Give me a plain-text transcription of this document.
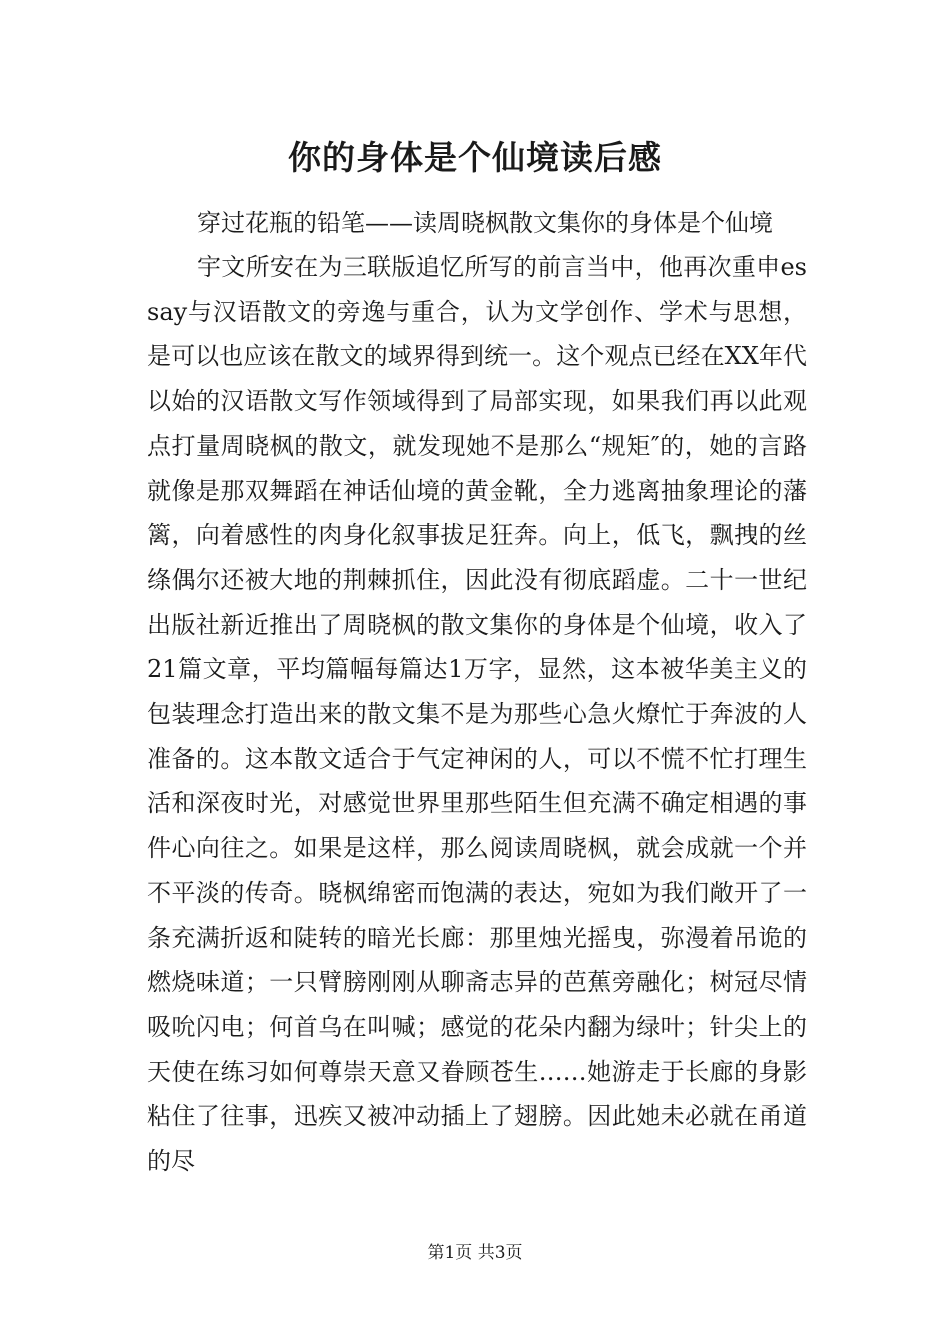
你的身体是个仙境读后感

穿过花瓶的铅笔——读周晓枫散文集你的身体是个仙境

宇文所安在为三联版追忆所写的前言当中，他再次重申essay与汉语散文的旁逸与重合，认为文学创作、学术与思想，是可以也应该在散文的域界得到统一。这个观点已经在XX年代以始的汉语散文写作领域得到了局部实现，如果我们再以此观点打量周晓枫的散文，就发现她不是那么“规矩″的，她的言路就像是那双舞蹈在神话仙境的黄金靴，全力逃离抽象理论的藩篱，向着感性的肉身化叙事拔足狂奔。向上，低飞，飘拽的丝绦偶尔还被大地的荆棘抓住，因此没有彻底蹈虚。二十一世纪出版社新近推出了周晓枫的散文集你的身体是个仙境，收入了21篇文章，平均篇幅每篇达1万字，显然，这本被华美主义的包装理念打造出来的散文集不是为那些心急火燎忙于奔波的人准备的。这本散文适合于气定神闲的人，可以不慌不忙打理生活和深夜时光，对感觉世界里那些陌生但充满不确定相遇的事件心向往之。如果是这样，那么阅读周晓枫，就会成就一个并不平淡的传奇。晓枫绵密而饱满的表达，宛如为我们敞开了一条充满折返和陡转的暗光长廊：那里烛光摇曳，弥漫着吊诡的燃烧味道；一只臂膀刚刚从聊斋志异的芭蕉旁融化；树冠尽情吸吮闪电；何首乌在叫喊；感觉的花朵内翻为绿叶；针尖上的天使在练习如何尊崇天意又眷顾苍生……她游走于长廊的身影粘住了往事，迅疾又被冲动插上了翅膀。因此她未必就在甬道的尽

第1页 共3页
